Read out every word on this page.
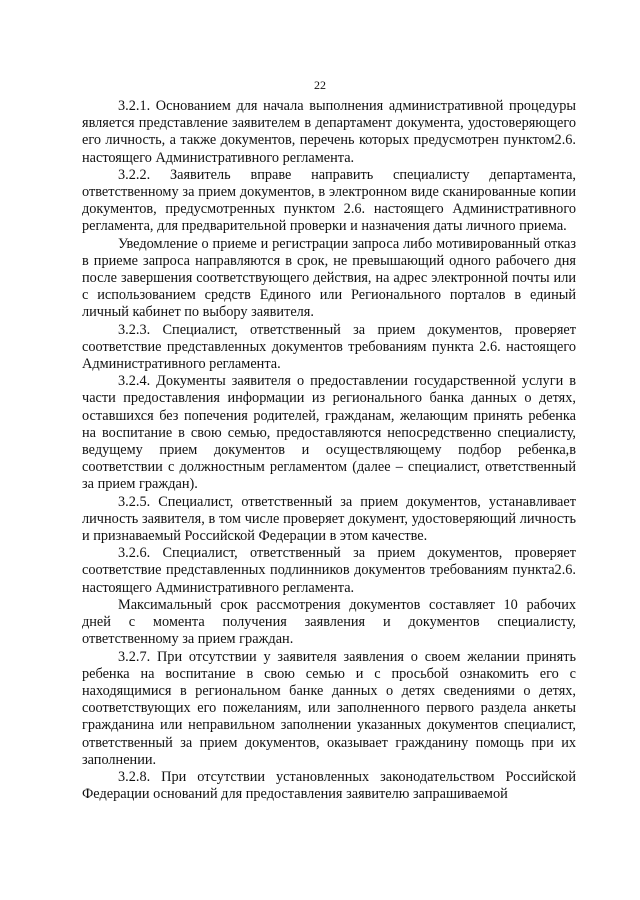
22

3.2.1. Основанием для начала выполнения административной процедуры является представление заявителем в департамент документа, удостоверяющего его личность, а также документов, перечень которых предусмотрен пунктом2.6. настоящего Административного регламента.

3.2.2. Заявитель вправе направить специалисту департамента, ответственному за прием документов, в электронном виде сканированные копии документов, предусмотренных пунктом 2.6. настоящего Административного регламента, для предварительной проверки и назначения даты личного приема.

Уведомление о приеме и регистрации запроса либо мотивированный отказ в приеме запроса направляются в срок, не превышающий одного рабочего дня после завершения соответствующего действия, на адрес электронной почты или с использованием средств Единого или Регионального порталов в единый личный кабинет по выбору заявителя.

3.2.3. Специалист, ответственный за прием документов, проверяет соответствие представленных документов требованиям пункта 2.6. настоящего Административного регламента.

3.2.4. Документы заявителя о предоставлении государственной услуги в части предоставления информации из регионального банка данных о детях, оставшихся без попечения родителей, гражданам, желающим принять ребенка на воспитание в свою семью, предоставляются непосредственно специалисту, ведущему прием документов и осуществляющему подбор ребенка,в соответствии с должностным регламентом (далее – специалист, ответственный за прием граждан).

3.2.5. Специалист, ответственный за прием документов, устанавливает личность заявителя, в том числе проверяет документ, удостоверяющий личность и признаваемый Российской Федерации в этом качестве.

3.2.6. Специалист, ответственный за прием документов, проверяет соответствие представленных подлинников документов требованиям пункта2.6. настоящего Административного регламента.

Максимальный срок рассмотрения документов составляет 10 рабочих дней с момента получения заявления и документов специалисту, ответственному за прием граждан.

3.2.7. При отсутствии у заявителя заявления о своем желании принять ребенка на воспитание в свою семью и с просьбой ознакомить его с находящимися в региональном банке данных о детях сведениями о детях, соответствующих его пожеланиям, или заполненного первого раздела анкеты гражданина или неправильном заполнении указанных документов специалист, ответственный за прием документов, оказывает гражданину помощь при их заполнении.

3.2.8. При отсутствии установленных законодательством Российской Федерации оснований для предоставления заявителю запрашиваемой
